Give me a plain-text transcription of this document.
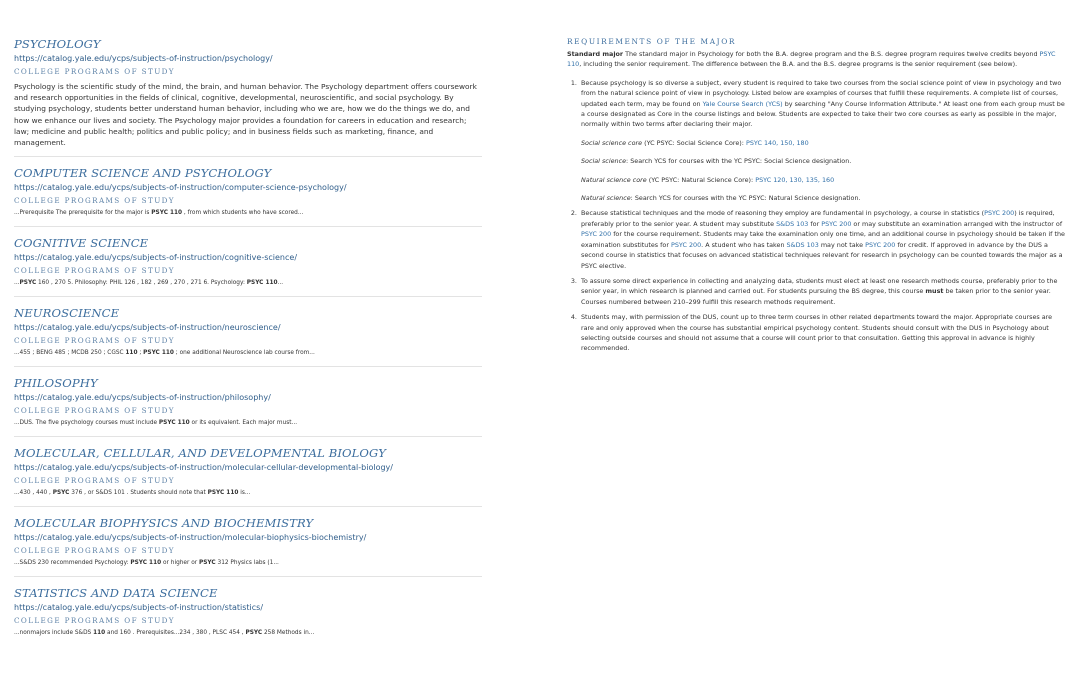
PSYCHOLOGY
https://catalog.yale.edu/ycps/subjects-of-instruction/psychology/
COLLEGE PROGRAMS OF STUDY
Psychology is the scientific study of the mind, the brain, and human behavior. The Psychology department offers coursework and research opportunities in the fields of clinical, cognitive, developmental, neuroscientific, and social psychology. By studying psychology, students better understand human behavior, including who we are, how we do the things we do, and how we enhance our lives and society. The Psychology major provides a foundation for careers in education and research; law; medicine and public health; politics and public policy; and in business fields such as marketing, finance, and management.
COMPUTER SCIENCE AND PSYCHOLOGY
https://catalog.yale.edu/ycps/subjects-of-instruction/computer-science-psychology/
COLLEGE PROGRAMS OF STUDY
...Prerequisite The prerequisite for the major is PSYC 110 , from which students who have scored...
COGNITIVE SCIENCE
https://catalog.yale.edu/ycps/subjects-of-instruction/cognitive-science/
COLLEGE PROGRAMS OF STUDY
...PSYC 160 , 270 5. Philosophy: PHIL 126 , 182 , 269 , 270 , 271 6. Psychology: PSYC 110...
NEUROSCIENCE
https://catalog.yale.edu/ycps/subjects-of-instruction/neuroscience/
COLLEGE PROGRAMS OF STUDY
...455 ; BENG 485 ; MCDB 250 ; CGSC 110 ; PSYC 110 ; one additional Neuroscience lab course from...
PHILOSOPHY
https://catalog.yale.edu/ycps/subjects-of-instruction/philosophy/
COLLEGE PROGRAMS OF STUDY
...DUS. The five psychology courses must include PSYC 110 or its equivalent. Each major must...
MOLECULAR, CELLULAR, AND DEVELOPMENTAL BIOLOGY
https://catalog.yale.edu/ycps/subjects-of-instruction/molecular-cellular-developmental-biology/
COLLEGE PROGRAMS OF STUDY
...430 , 440 , PSYC 376 , or S&DS 101 . Students should note that PSYC 110 is...
MOLECULAR BIOPHYSICS AND BIOCHEMISTRY
https://catalog.yale.edu/ycps/subjects-of-instruction/molecular-biophysics-biochemistry/
COLLEGE PROGRAMS OF STUDY
...S&DS 230 recommended Psychology: PSYC 110 or higher or PSYC 312 Physics labs (1...
STATISTICS AND DATA SCIENCE
https://catalog.yale.edu/ycps/subjects-of-instruction/statistics/
COLLEGE PROGRAMS OF STUDY
...nonmajors include S&DS 110 and 160 . Prerequisites...234 , 380 , PLSC 454 , PSYC 258 Methods in...
REQUIREMENTS OF THE MAJOR
Standard major The standard major in Psychology for both the B.A. degree program and the B.S. degree program requires twelve credits beyond PSYC 110, including the senior requirement. The difference between the B.A. and the B.S. degree programs is the senior requirement (see below).
1. Because psychology is so diverse a subject, every student is required to take two courses from the social science point of view in psychology and two from the natural science point of view in psychology. Listed below are examples of courses that fulfill these requirements. A complete list of courses, updated each term, may be found on Yale Course Search (YCS) by searching "Any Course Information Attribute." At least one from each group must be a course designated as Core in the course listings and below. Students are expected to take their two core courses as early as possible in the major, normally within two terms after declaring their major.
Social science core (YC PSYC: Social Science Core): PSYC 140, 150, 180
Social science: Search YCS for courses with the YC PSYC: Social Science designation.
Natural science core (YC PSYC: Natural Science Core): PSYC 120, 130, 135, 160
Natural science: Search YCS for courses with the YC PSYC: Natural Science designation.
2. Because statistical techniques and the mode of reasoning they employ are fundamental in psychology, a course in statistics (PSYC 200) is required, preferably prior to the senior year. A student may substitute S&DS 103 for PSYC 200 or may substitute an examination arranged with the instructor of PSYC 200 for the course requirement. Students may take the examination only one time, and an additional course in psychology should be taken if the examination substitutes for PSYC 200. A student who has taken S&DS 103 may not take PSYC 200 for credit. If approved in advance by the DUS a second course in statistics that focuses on advanced statistical techniques relevant for research in psychology can be counted towards the major as a PSYC elective.
3. To assure some direct experience in collecting and analyzing data, students must elect at least one research methods course, preferably prior to the senior year, in which research is planned and carried out. For students pursuing the BS degree, this course must be taken prior to the senior year. Courses numbered between 210–299 fulfill this research methods requirement.
4. Students may, with permission of the DUS, count up to three term courses in other related departments toward the major. Appropriate courses are rare and only approved when the course has substantial empirical psychology content. Students should consult with the DUS in Psychology about selecting outside courses and should not assume that a course will count prior to that consultation. Getting this approval in advance is highly recommended.
